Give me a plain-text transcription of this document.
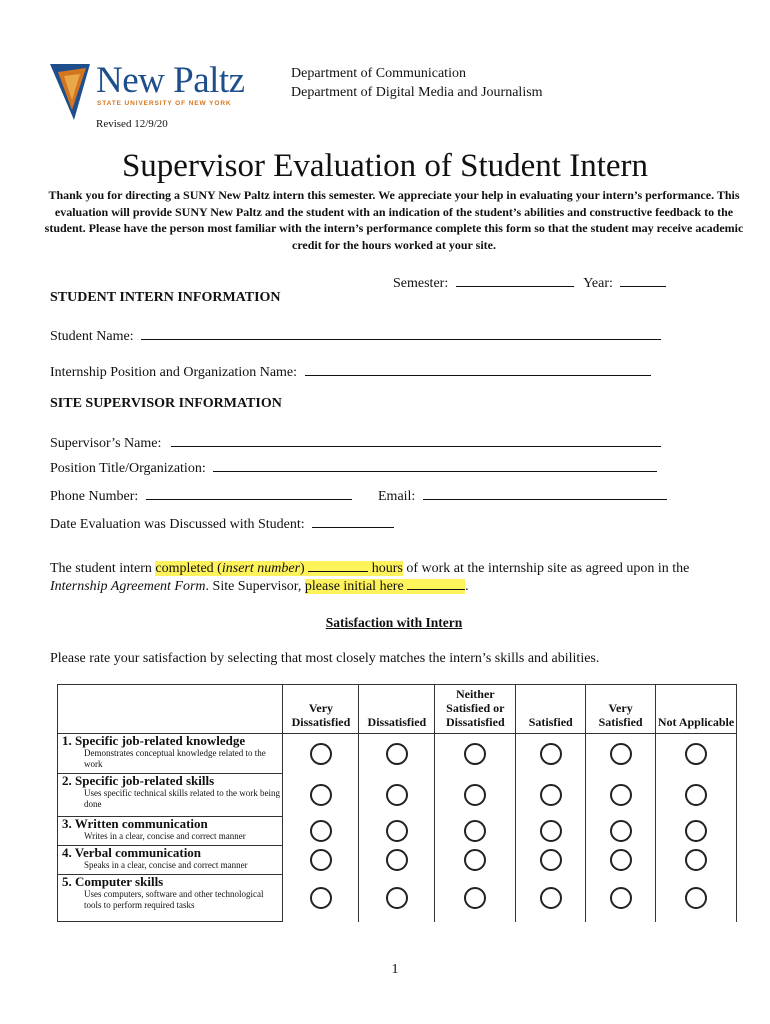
New Paltz
STATE UNIVERSITY OF NEW YORK
Department of Communication
Department of Digital Media and Journalism
Revised 12/9/20
Supervisor Evaluation of Student Intern
Thank you for directing a SUNY New Paltz intern this semester. We appreciate your help in evaluating your intern’s performance. This evaluation will provide SUNY New Paltz and the student with an indication of the student’s abilities and constructive feedback to the student. Please have the person most familiar with the intern’s performance complete this form so that the student may receive academic credit for the hours worked at your site.
Semester:	Year:
STUDENT INTERN INFORMATION
Student Name:
Internship Position and Organization Name:
SITE SUPERVISOR INFORMATION
Supervisor’s Name:
Position Title/Organization:
Phone Number:	Email:
Date Evaluation was Discussed with Student:
The student intern completed (insert number)	hours of work at the internship site as agreed upon in the
Internship Agreement Form. Site Supervisor, please initial here	.
Satisfaction with Intern
Please rate your satisfaction by selecting that most closely matches the intern’s skills and abilities.
	Very Dissatisfied	Dissatisfied	Neither Satisfied or Dissatisfied	Satisfied	Very Satisfied	Not Applicable

1. Specific job-related knowledge
Demonstrates conceptual knowledge related to the work						

2. Specific job-related skills
Uses specific technical skills related to the work being done						

3. Written communication
Writes in a clear, concise and correct manner						

4. Verbal communication
Speaks in a clear, concise and correct manner						

5. Computer skills
Uses computers, software and other technological tools to perform required tasks						

1
